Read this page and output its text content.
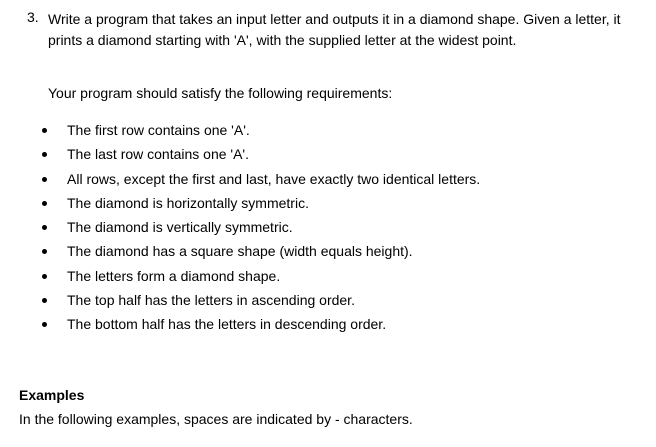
3. Write a program that takes an input letter and outputs it in a diamond shape. Given a letter, it prints a diamond starting with 'A', with the supplied letter at the widest point.
Your program should satisfy the following requirements:
The first row contains one 'A'.
The last row contains one 'A'.
All rows, except the first and last, have exactly two identical letters.
The diamond is horizontally symmetric.
The diamond is vertically symmetric.
The diamond has a square shape (width equals height).
The letters form a diamond shape.
The top half has the letters in ascending order.
The bottom half has the letters in descending order.
Examples
In the following examples, spaces are indicated by - characters.
